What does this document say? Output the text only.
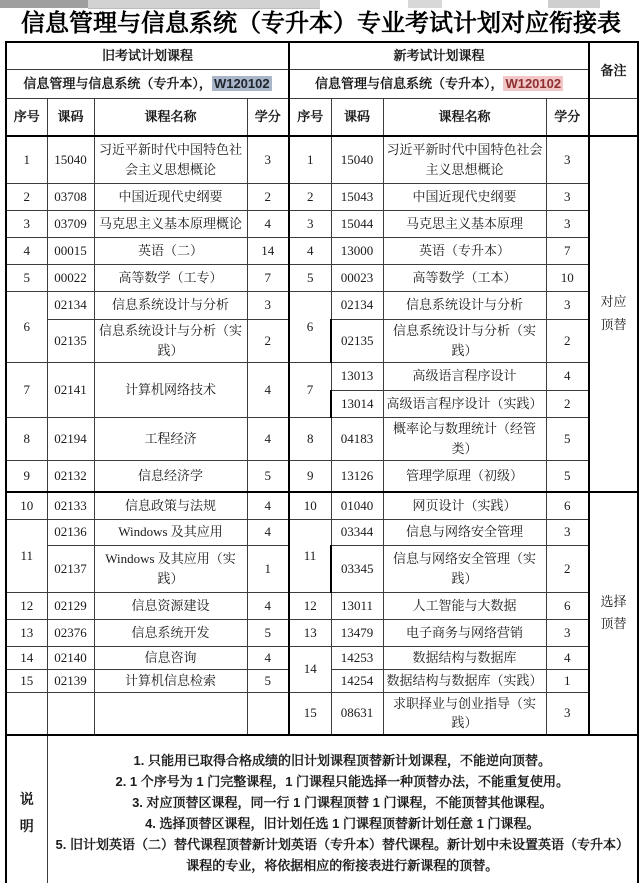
信息管理与信息系统（专升本）专业考试计划对应衔接表
旧考试计划课程				新考试计划课程				备注
信息管理与信息系统（专升本）， W120102				信息管理与信息系统（专升本）， W120102				
序号	课码	课程名称	学分	序号	课码	课程名称	学分	
1	15040	习近平新时代中国特色社会主义思想概论	3	1	15040	习近平新时代中国特色社会主义思想概论	3	对应顶替
2	03708	中国近现代史纲要	2	2	15043	中国近现代史纲要	3	
3	03709	马克思主义基本原理概论	4	3	15044	马克思主义基本原理	3	
4	00015	英语（二）	14	4	13000	英语（专升本）	7	
5	00022	高等数学（工专）	7	5	00023	高等数学（工本）	10	
6	02134	信息系统设计与分析	3	6	02134	信息系统设计与分析	3	
	02135	信息系统设计与分析（实践）	2		02135	信息系统设计与分析（实践）	2	
7	02141	计算机网络技术	4	7	13013	高级语言程序设计	4	
					13014	高级语言程序设计（实践）	2	
8	02194	工程经济	4	8	04183	概率论与数理统计（经管类）	5	
9	02132	信息经济学	5	9	13126	管理学原理（初级）	5	
10	02133	信息政策与法规	4	10	01040	网页设计（实践）	6	选择顶替
11	02136	Windows 及其应用	4	11	03344	信息与网络安全管理	3	
	02137	Windows 及其应用（实践）	1		03345	信息与网络安全管理（实践）	2	
12	02129	信息资源建设	4	12	13011	人工智能与大数据	6	
13	02376	信息系统开发	5	13	13479	电子商务与网络营销	3	
14	02140	信息咨询	4	14	14253	数据结构与数据库	4	
15	02139	计算机信息检索	5		14254	数据结构与数据库（实践）	1	
				15	08631	求职择业与创业指导（实践）	3	
说明	1. 只能用已取得合格成绩的旧计划课程顶替新计划课程，不能逆向顶替。
2. 1 个序号为 1 门完整课程，1 门课程只能选择一种顶替办法，不能重复使用。
3. 对应顶替区课程，同一行 1 门课程顶替 1 门课程，不能顶替其他课程。
4. 选择顶替区课程，旧计划任选 1 门课程顶替新计划任意 1 门课程。
5. 旧计划英语（二）替代课程顶替新计划英语（专升本）替代课程。新计划中未设置英语（专升本）课程的专业，将依据相应的衔接表进行新课程的顶替。							
